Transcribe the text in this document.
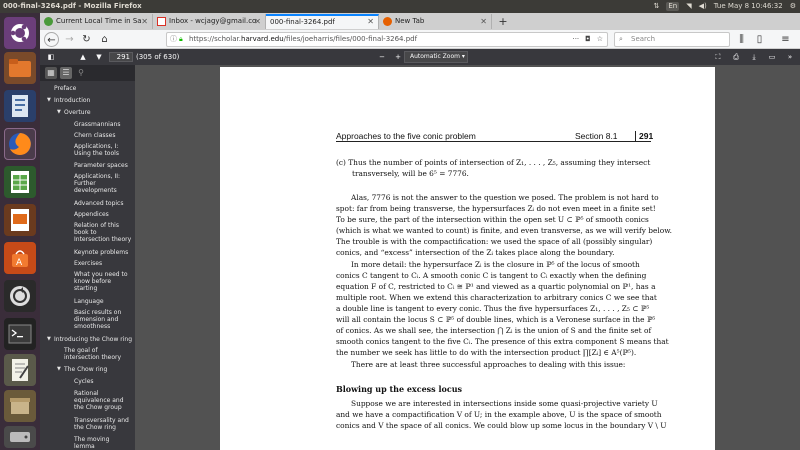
000-final-3264.pdf - Mozilla Firefox	⇅ En ◥ ◀) Tue May 8 10:46:32 ⚙
A
Current Local Time in Sa ✕	Inbox - wcjagy@gmail.co
✕	000-final-3264.pdf	✕	New Tab	✕	+
← → ↻	⌂	ⓘ 🔒︎ https://scholar.harvard.edu/files/joeharris/files/000-final-3264.pdf	··· ◘ ☆ ⌕ Search	⫼	▯	≡
◧	▲	▼	291 (305 of 630)	− +	Automatic Zoom ▾	⛶	⎙	⤓	▭	»
▦ ☰	⚲
Preface
▼ Introduction
▼ Overture
Grassmannians
Chern classes
Applications, I: Using the tools
Parameter spaces
Applications, II: Further developments
Advanced topics
Appendices
Relation of this book to Intersection theory
Keynote problems
Exercises
What you need to know before starting
Language
Basic results on dimension and smoothness
▼ Introducing the Chow ring
The goal of intersection theory
▼ The Chow ring
Cycles
Rational equivalence and the Chow group
Transversality and the Chow ring
The moving lemma
Approaches to the five conic problem	Section 8.1	291
(c) Thus the number of points of intersection of Z₁, . . . , Z₅, assuming they intersect
transversely, will be 6⁵ = 7776.
Alas, 7776 is not the answer to the question we posed. The problem is not hard to
spot: far from being transverse, the hypersurfaces Zᵢ do not even meet in a finite set!
To be sure, the part of the intersection within the open set U ⊂ ℙ⁵ of smooth conics
(which is what we wanted to count) is finite, and even transverse, as we will verify below.
The trouble is with the compactification: we used the space of all (possibly singular)
conics, and “excess” intersection of the Zᵢ takes place along the boundary.
In more detail: the hypersurface Zᵢ is the closure in ℙ⁵ of the locus of smooth
conics C tangent to Cᵢ. A smooth conic C is tangent to Cᵢ exactly when the defining
equation F of C, restricted to Cᵢ ≅ ℙ¹ and viewed as a quartic polynomial on ℙ¹, has a
multiple root. When we extend this characterization to arbitrary conics C we see that
a double line is tangent to every conic. Thus the five hypersurfaces Z₁, . . . , Z₅ ⊂ ℙ⁵
will all contain the locus S ⊂ ℙ⁵ of double lines, which is a Veronese surface in the ℙ⁵
of conics. As we shall see, the intersection ⋂ Zᵢ is the union of S and the finite set of
smooth conics tangent to the five Cᵢ. The presence of this extra component S means that
the number we seek has little to do with the intersection product ∏[Zᵢ] ∈ A⁵(ℙ⁵).
There are at least three successful approaches to dealing with this issue:
Blowing up the excess locus
Suppose we are interested in intersections inside some quasi-projective variety U
and we have a compactification V of U; in the example above, U is the space of smooth
conics and V the space of all conics. We could blow up some locus in the boundary V \ U
